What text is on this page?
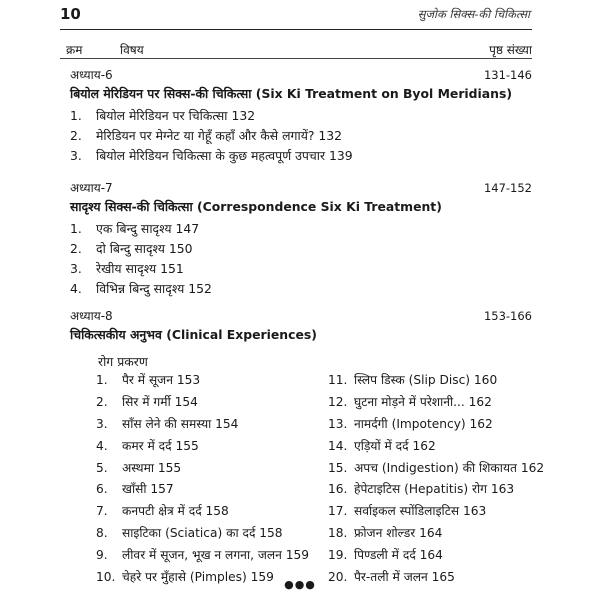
10	सुजोक सिक्स-की चिकित्सा
क्रम	विषय	पृष्ठ संख्या
अध्याय-6	131-146
बियोल मेरिडियन पर सिक्स-की चिकित्सा (Six Ki Treatment on Byol Meridians)
1. बियोल मेरिडियन पर चिकित्सा 132
2. मेरिडियन पर मेग्नेट या गेहूँ कहाँ और कैसे लगायें? 132
3. बियोल मेरिडियन चिकित्सा के कुछ महत्वपूर्ण उपचार 139
अध्याय-7	147-152
सादृश्य सिक्स-की चिकित्सा (Correspondence Six Ki Treatment)
1. एक बिन्दु सादृश्य 147
2. दो बिन्दु सादृश्य 150
3. रेखीय सादृश्य 151
4. विभिन्न बिन्दु सादृश्य 152
अध्याय-8	153-166
चिकित्सकीय अनुभव (Clinical Experiences)
रोग प्रकरण
1. पैर में सूजन 153
2. सिर में गर्मी 154
3. साँस लेने की समस्या 154
4. कमर में दर्द 155
5. अस्थमा 155
6. खाँसी 157
7. कनपटी क्षेत्र में दर्द 158
8. साइटिका (Sciatica) का दर्द 158
9. लीवर में सूजन, भूख न लगना, जलन 159
10. चेहरे पर मुँहासे (Pimples) 159
11. स्लिप डिस्क (Slip Disc) 160
12. घुटना मोड़ने में परेशानी... 162
13. नामर्दगी (Impotency) 162
14. एड़ियों में दर्द 162
15. अपच (Indigestion) की शिकायत 162
16. हेपेटाइटिस (Hepatitis) रोग 163
17. सर्वाइकल स्पोंडिलाइटिस 163
18. फ्रोजन शोल्डर 164
19. पिण्डली में दर्द 164
20. पैर-तली में जलन 165
●●●
